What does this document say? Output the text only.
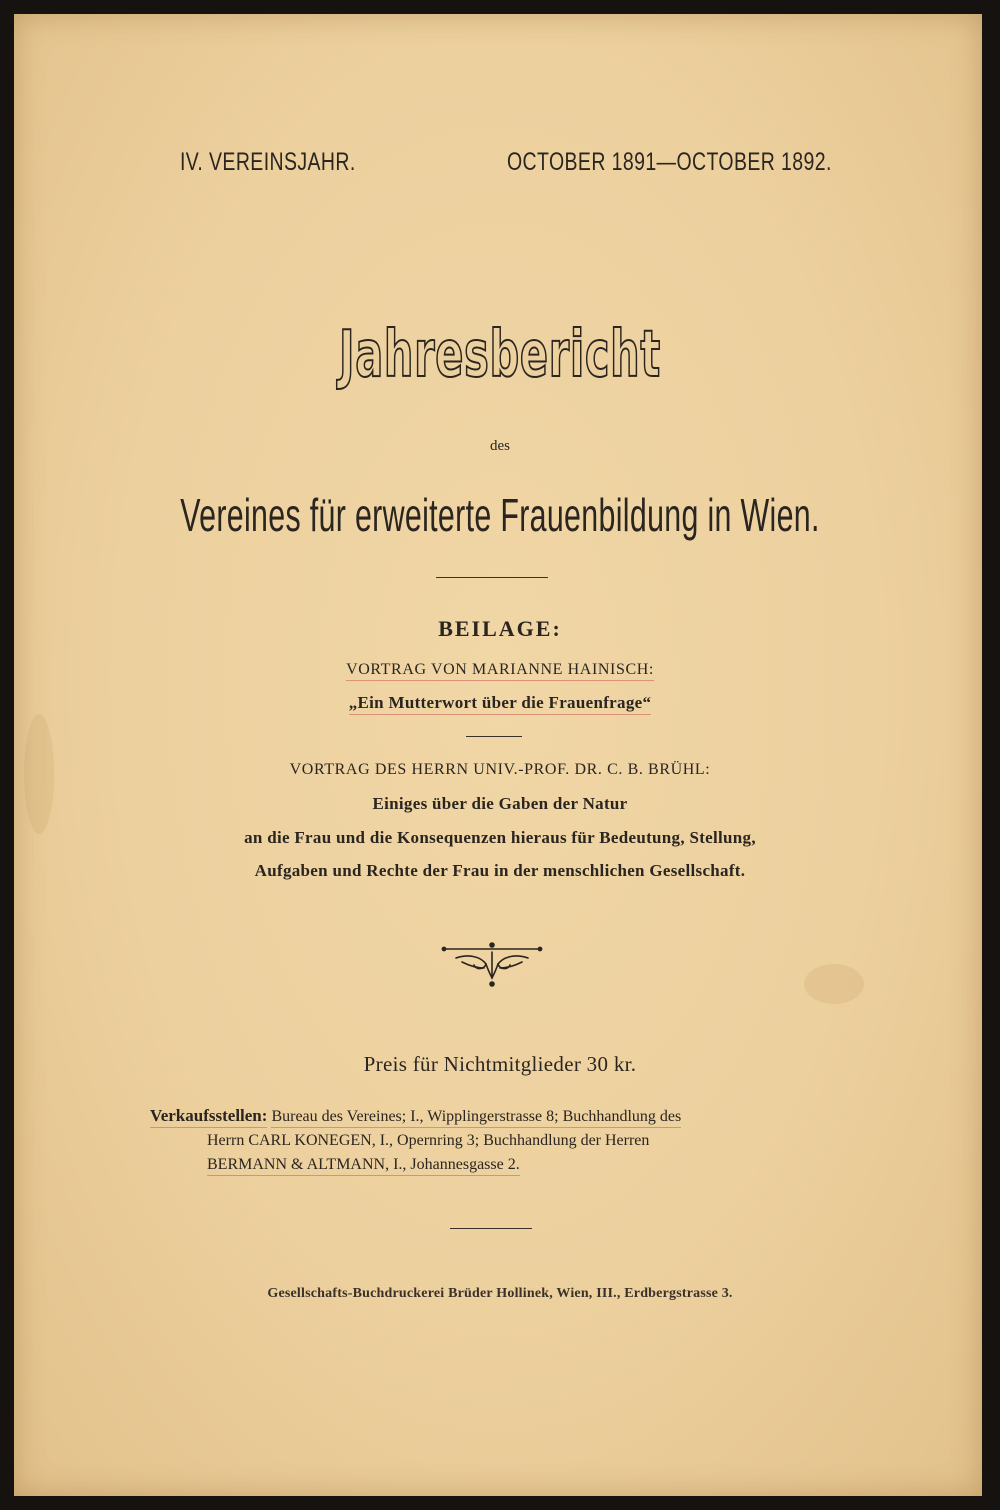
IV. VEREINSJAHR.	OCTOBER 1891—OCTOBER 1892.
Jahresbericht
des
Vereines für erweiterte Frauenbildung in Wien.
BEILAGE:
VORTRAG VON MARIANNE HAINISCH:
„Ein Mutterwort über die Frauenfrage“
VORTRAG DES HERRN UNIV.-PROF. DR. C. B. BRÜHL:
Einiges über die Gaben der Natur
an die Frau und die Konsequenzen hieraus für Bedeutung, Stellung,
Aufgaben und Rechte der Frau in der menschlichen Gesellschaft.
Preis für Nichtmitglieder 30 kr.
Verkaufsstellen: Bureau des Vereines; I., Wipplingerstrasse 8; Buchhandlung des
Herrn CARL KONEGEN, I., Opernring 3; Buchhandlung der Herren
BERMANN & ALTMANN, I., Johannesgasse 2.
Gesellschafts-Buchdruckerei Brüder Hollinek, Wien, III., Erdbergstrasse 3.
